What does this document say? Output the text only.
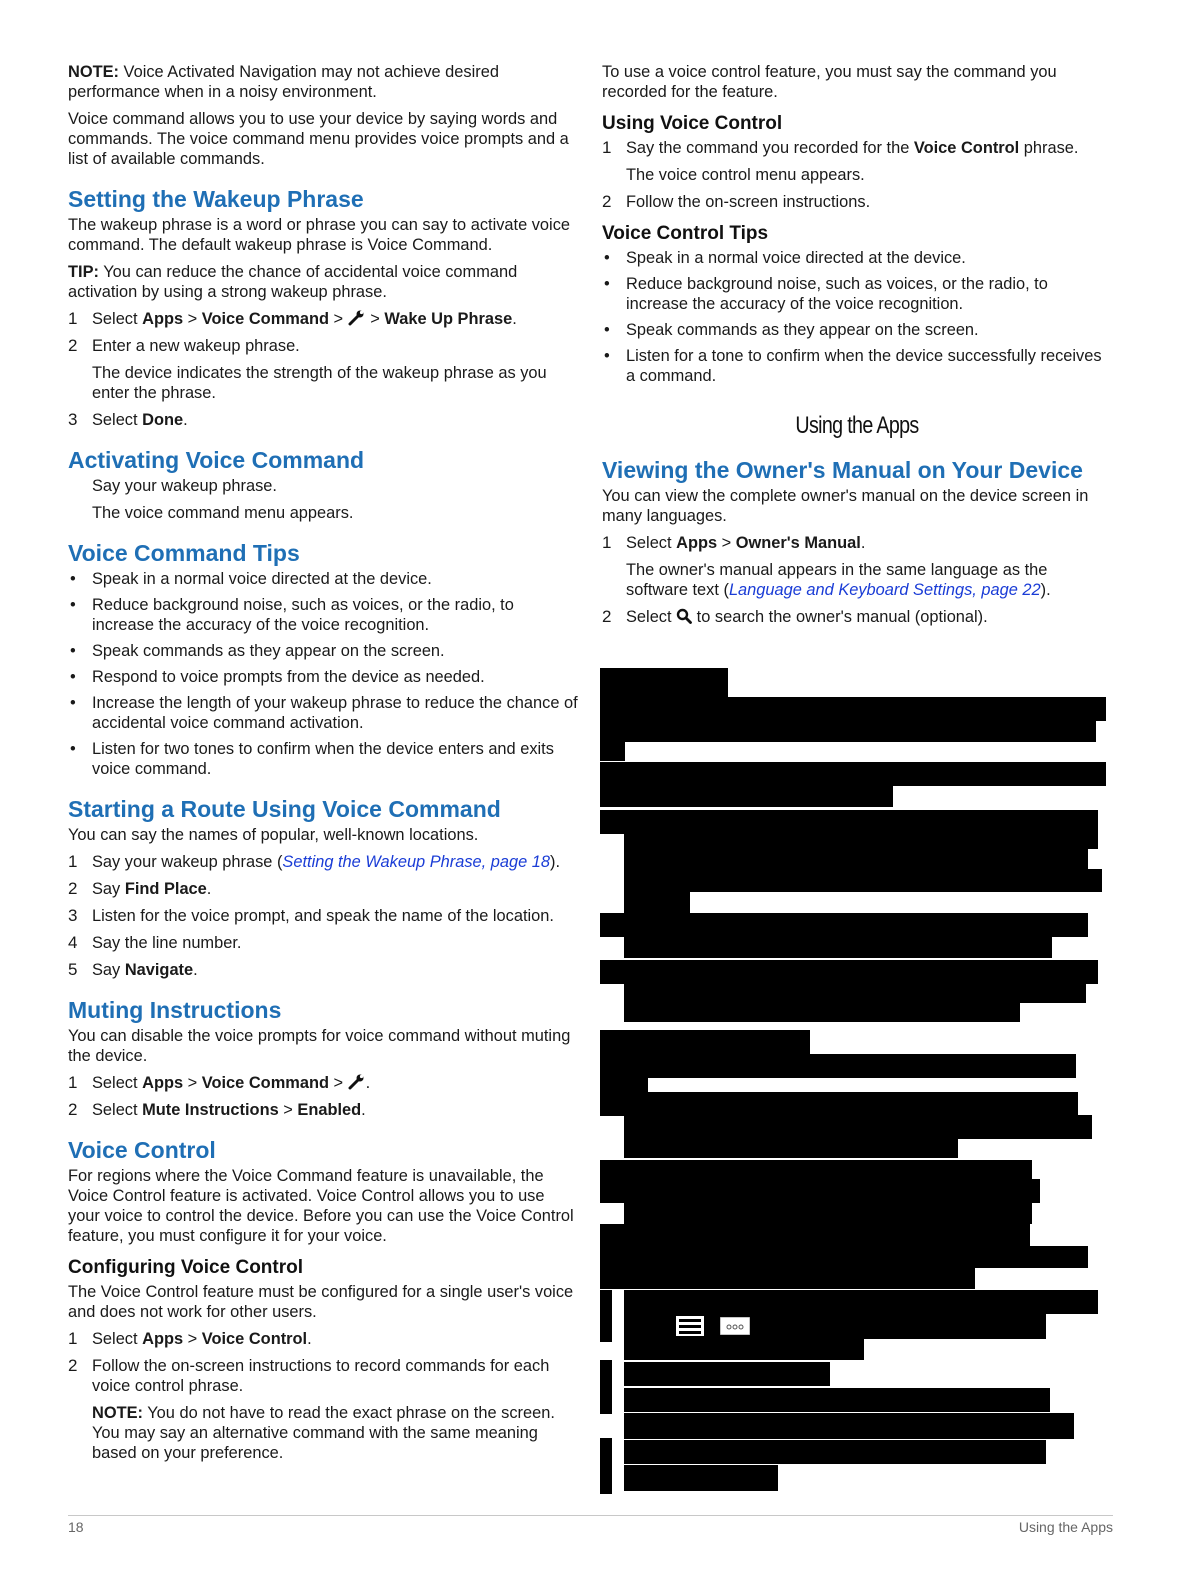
NOTE: Voice Activated Navigation may not achieve desired performance when in a noisy environment.

Voice command allows you to use your device by saying words and commands. The voice command menu provides voice prompts and a list of available commands.

Setting the Wakeup Phrase

The wakeup phrase is a word or phrase you can say to activate voice command. The default wakeup phrase is Voice Command.

TIP: You can reduce the chance of accidental voice command activation by using a strong wakeup phrase.

1 Select Apps > Voice Command >  > Wake Up Phrase.
2 Enter a new wakeup phrase.

The device indicates the strength of the wakeup phrase as you enter the phrase.

3 Select Done.
Activating Voice Command

Say your wakeup phrase.

The voice command menu appears.

Voice Command Tips
• Speak in a normal voice directed at the device.
• Reduce background noise, such as voices, or the radio, to increase the accuracy of the voice recognition.
• Speak commands as they appear on the screen.
• Respond to voice prompts from the device as needed.
• Increase the length of your wakeup phrase to reduce the chance of accidental voice command activation.
• Listen for two tones to confirm when the device enters and exits voice command.
Starting a Route Using Voice Command

You can say the names of popular, well-known locations.

1 Say your wakeup phrase (Setting the Wakeup Phrase, page 18).
2 Say Find Place.
3 Listen for the voice prompt, and speak the name of the location.
4 Say the line number.
5 Say Navigate.
Muting Instructions

You can disable the voice prompts for voice command without muting the device.

1 Select Apps > Voice Command > .
2 Select Mute Instructions > Enabled.
Voice Control

For regions where the Voice Command feature is unavailable, the Voice Control feature is activated. Voice Control allows you to use your voice to control the device. Before you can use the Voice Control feature, you must configure it for your voice.

Configuring Voice Control

The Voice Control feature must be configured for a single user's voice and does not work for other users.

1 Select Apps > Voice Control.
2 Follow the on-screen instructions to record commands for each voice control phrase.

NOTE: You do not have to read the exact phrase on the screen. You may say an alternative command with the same meaning based on your preference.

To use a voice control feature, you must say the command you recorded for the feature.

Using Voice Control
1 Say the command you recorded for the Voice Control phrase.

The voice control menu appears.

2 Follow the on-screen instructions.
Voice Control Tips
• Speak in a normal voice directed at the device.
• Reduce background noise, such as voices, or the radio, to increase the accuracy of the voice recognition.
• Speak commands as they appear on the screen.
• Listen for a tone to confirm when the device successfully receives a command.
Using the Apps
Viewing the Owner's Manual on Your Device

You can view the complete owner's manual on the device screen in many languages.

1 Select Apps > Owner's Manual.

The owner's manual appears in the same language as the software text (Language and Keyboard Settings, page 22).

2 Select  to search the owner's manual (optional).
18	Using the Apps
